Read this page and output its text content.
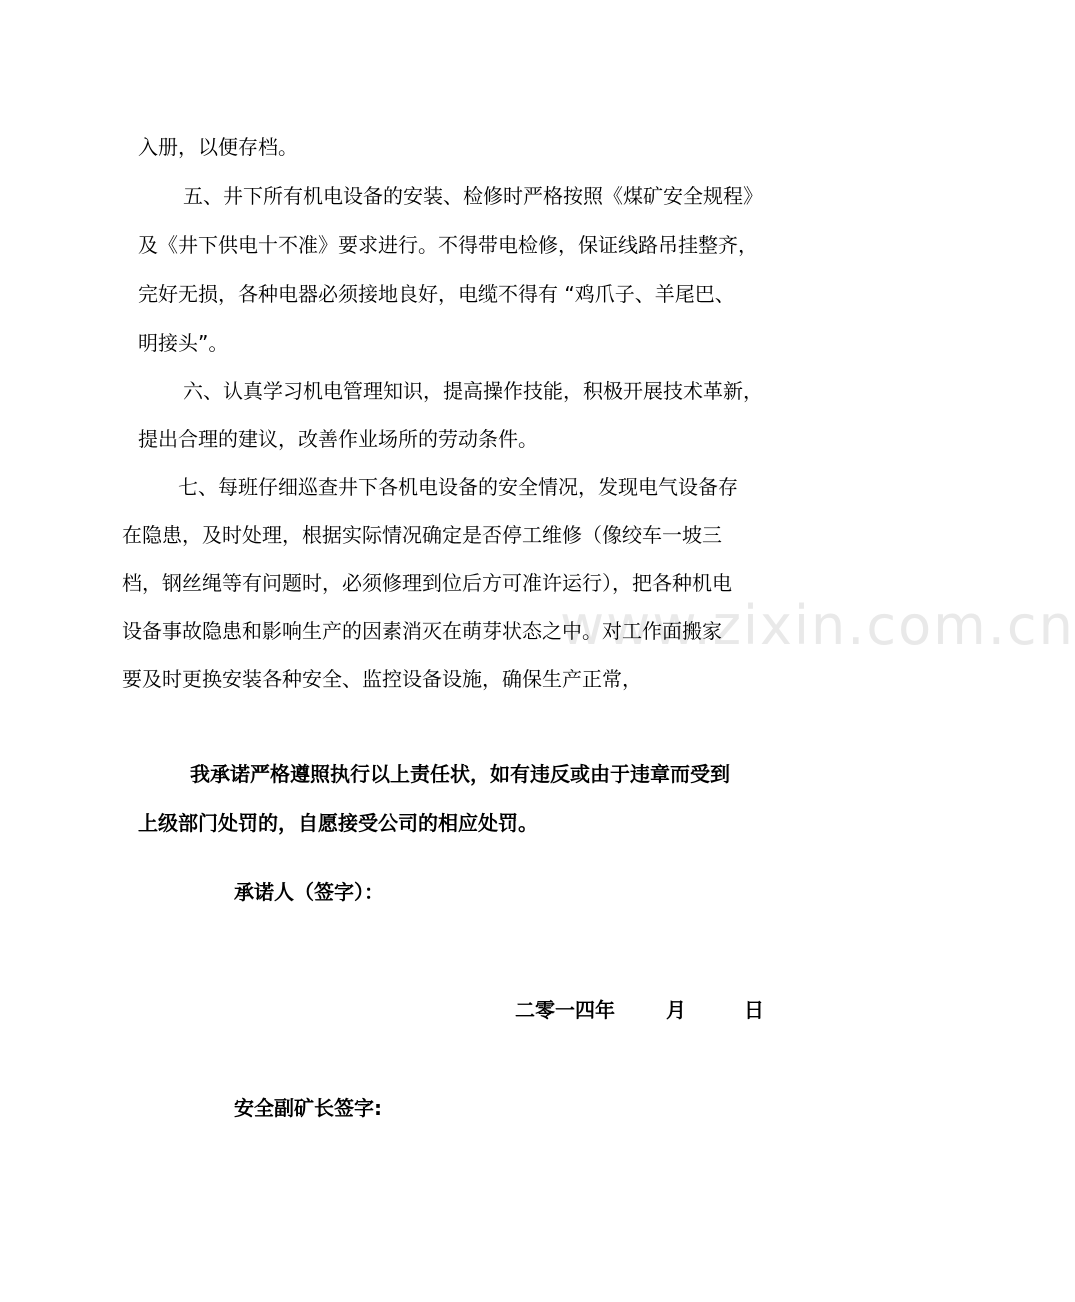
www.zixin.com.cn
入册，以便存档。
五、井下所有机电设备的安装、检修时严格按照《煤矿安全规程》
及《井下供电十不准》要求进行。不得带电检修，保证线路吊挂整齐，
完好无损，各种电器必须接地良好，电缆不得有 “鸡爪子、羊尾巴、
明接头”。
六、认真学习机电管理知识，提高操作技能，积极开展技术革新，
提出合理的建议，改善作业场所的劳动条件。
七、每班仔细巡查井下各机电设备的安全情况，发现电气设备存
在隐患，及时处理，根据实际情况确定是否停工维修（像绞车一坡三
档，钢丝绳等有问题时，必须修理到位后方可准许运行），把各种机电
设备事故隐患和影响生产的因素消灭在萌芽状态之中。对工作面搬家
要及时更换安装各种安全、监控设备设施，确保生产正常，
我承诺严格遵照执行以上责任状，如有违反或由于违章而受到
上级部门处罚的，自愿接受公司的相应处罚。
承诺人（签字）：
二零一四年	月	日
安全副矿长签字:
